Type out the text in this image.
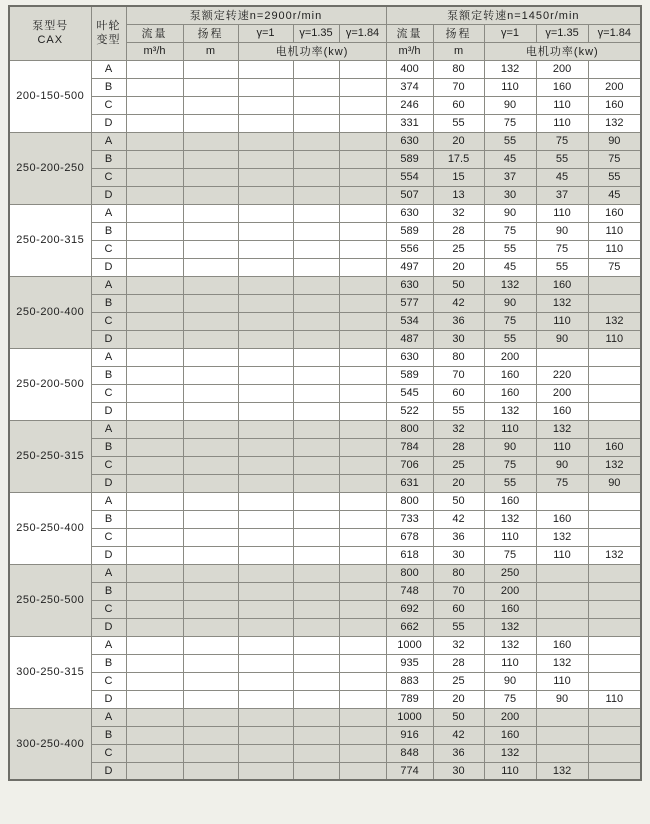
泵型号
CAX

叶轮
变型
	泵额定转速n=2900r/min	泵额定转速n=1450r/min
		流量	扬程	γ=1	γ=1.35	γ=1.84	流量	扬程	γ=1	γ=1.35	γ=1.84
		m³/h	m	电机功率(kw)			m³/h	m	电机功率(kw)		
200-150-500	A						400	80	132	200	
	B						374	70	110	160	200
	C						246	60	90	110	160
	D						331	55	75	110	132
250-200-250	A						630	20	55	75	90
	B						589	17.5	45	55	75
	C						554	15	37	45	55
	D						507	13	30	37	45
250-200-315	A						630	32	90	110	160
	B						589	28	75	90	110
	C						556	25	55	75	110
	D						497	20	45	55	75
250-200-400	A						630	50	132	160	
	B						577	42	90	132	
	C						534	36	75	110	132
	D						487	30	55	90	110
250-200-500	A						630	80	200		
	B						589	70	160	220	
	C						545	60	160	200	
	D						522	55	132	160	
250-250-315	A						800	32	110	132	
	B						784	28	90	110	160
	C						706	25	75	90	132
	D						631	20	55	75	90
250-250-400	A						800	50	160		
	B						733	42	132	160	
	C						678	36	110	132	
	D						618	30	75	110	132
250-250-500	A						800	80	250		
	B						748	70	200		
	C						692	60	160		
	D						662	55	132		
300-250-315	A						1000	32	132	160	
	B						935	28	110	132	
	C						883	25	90	110	
	D						789	20	75	90	110
300-250-400	A						1000	50	200		
	B						916	42	160		
	C						848	36	132		
	D						774	30	110	132	
